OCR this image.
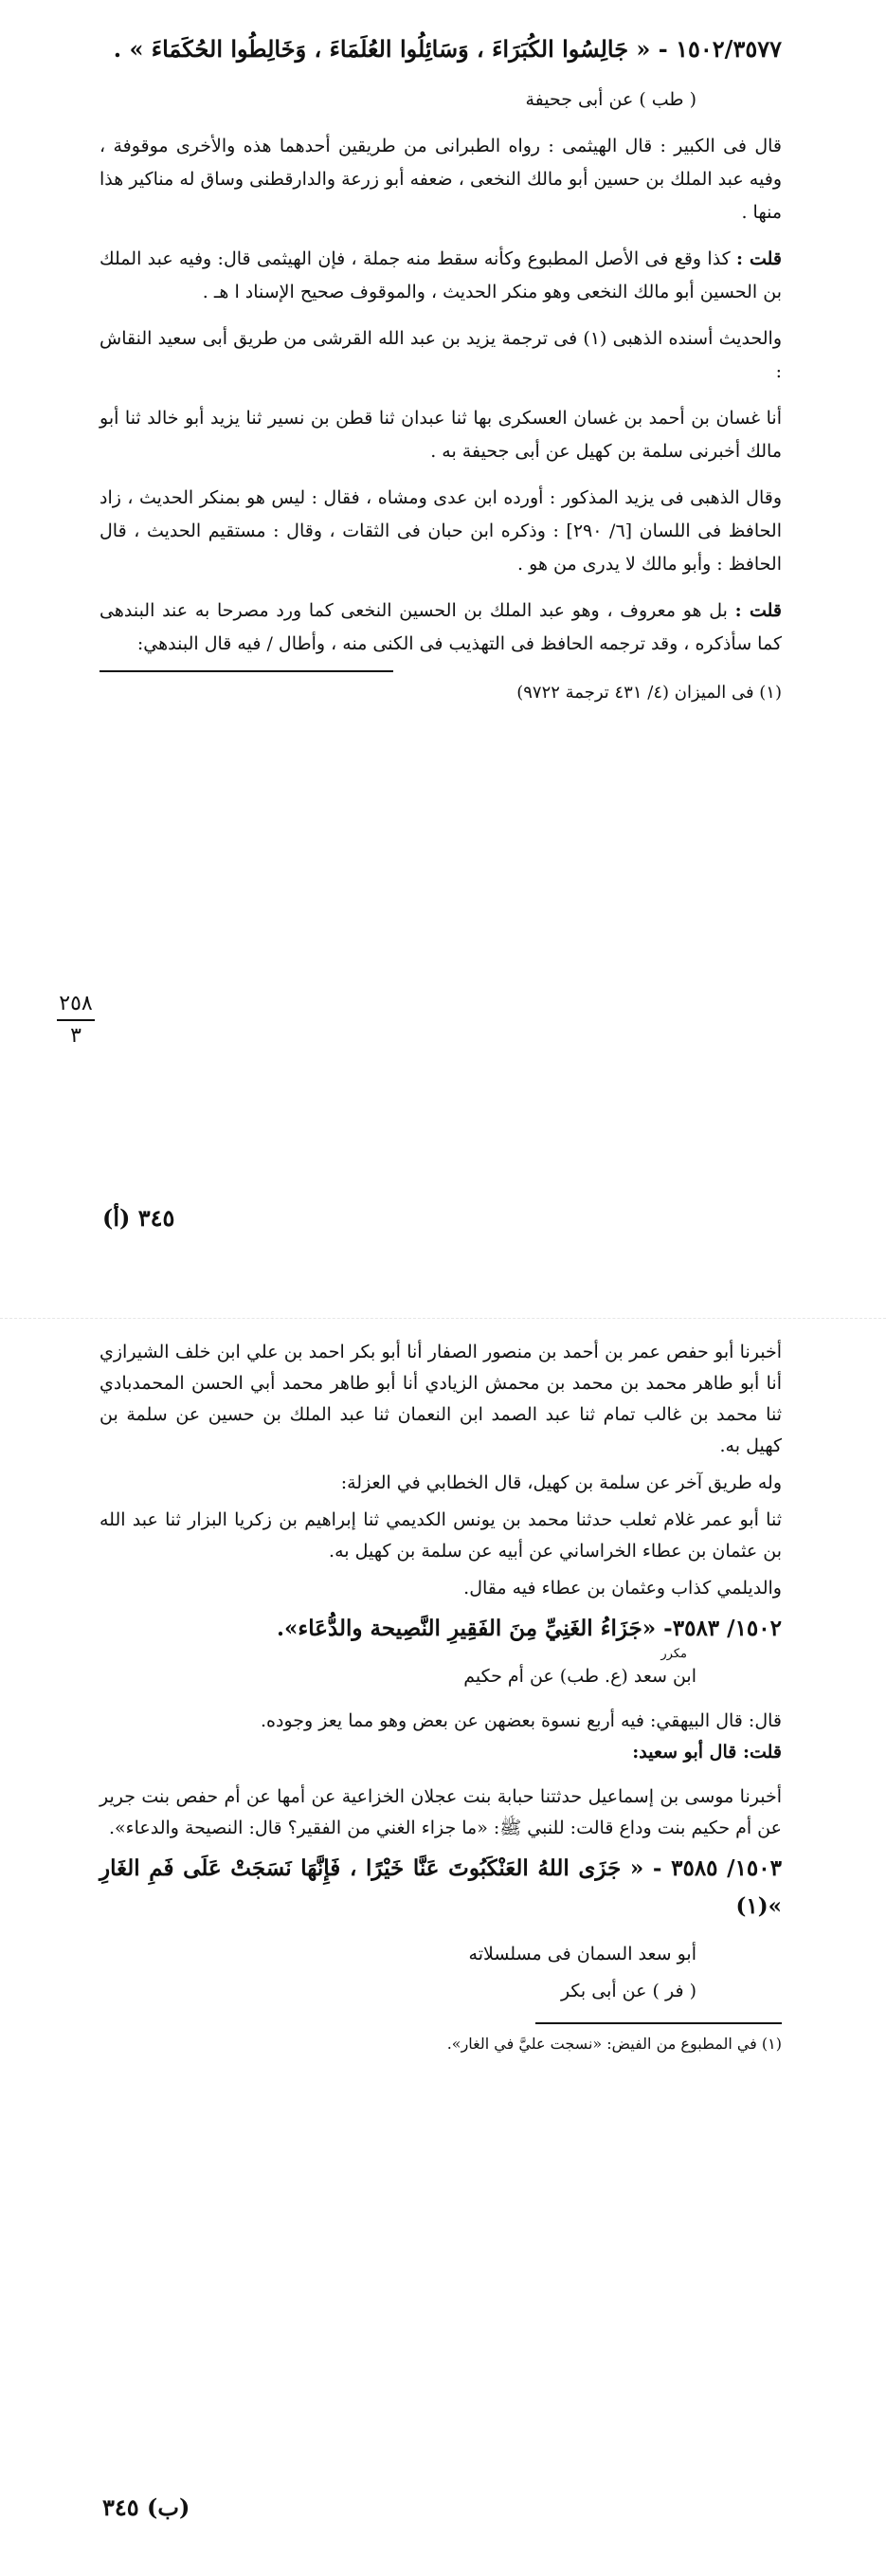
١٥٠٢/٣٥٧٧ - « جَالِسُوا الكُبَرَاءَ ، وَسَائِلُوا العُلَمَاءَ ، وَخَالِطُوا الحُكَمَاءَ » .

( طب ) عن أبى جحيفة

قال فى الكبير : قال الهيثمى : رواه الطبرانى من طريقين أحدهما هذه والأخرى موقوفة ، وفيه عبد الملك بن حسين أبو مالك النخعى ، ضعفه أبو زرعة والدارقطنى وساق له مناكير هذا منها .

قلت : كذا وقع فى الأصل المطبوع وكأنه سقط منه جملة ، فإن الهيثمى قال: وفيه عبد الملك بن الحسين أبو مالك النخعى وهو منكر الحديث ، والموقوف صحيح الإسناد ا هـ .

والحديث أسنده الذهبى (١) فى ترجمة يزيد بن عبد الله القرشى من طريق أبى سعيد النقاش :

أنا غسان بن أحمد بن غسان العسكرى بها ثنا عبدان ثنا قطن بن نسير ثنا يزيد أبو خالد ثنا أبو مالك أخبرنى سلمة بن كهيل عن أبى جحيفة به .

وقال الذهبى فى يزيد المذكور : أورده ابن عدى ومشاه ، فقال : ليس هو بمنكر الحديث ، زاد الحافظ فى اللسان [٦/ ٢٩٠] : وذكره ابن حبان فى الثقات ، وقال : مستقيم الحديث ، قال الحافظ : وأبو مالك لا يدرى من هو .

قلت : بل هو معروف ، وهو عبد الملك بن الحسين النخعى كما ورد مصرحا به عند البندهى كما سأذكره ، وقد ترجمه الحافظ فى التهذيب فى الكنى منه ، وأطال / فيه قال البندهي:

(١) فى الميزان (٤/ ٤٣١ ترجمة ٩٧٢٢)

٢٥٨
٣
٣٤٥ (أ)

أخبرنا أبو حفص عمر بن أحمد بن منصور الصفار أنا أبو بكر احمد بن علي ابن خلف الشيرازي أنا أبو طاهر محمد بن محمد بن محمش الزيادي أنا أبو طاهر محمد أبي الحسن المحمدبادي ثنا محمد بن غالب تمام ثنا عبد الصمد ابن النعمان ثنا عبد الملك بن حسين عن سلمة بن كهيل به.

وله طريق آخر عن سلمة بن كهيل، قال الخطابي في العزلة:

ثنا أبو عمر غلام ثعلب حدثنا محمد بن يونس الكديمي ثنا إبراهيم بن زكريا البزار ثنا عبد الله بن عثمان بن عطاء الخراساني عن أبيه عن سلمة بن كهيل به.

والديلمي كذاب وعثمان بن عطاء فيه مقال.

١٥٠٢/ ٣٥٨٣- «جَزَاءُ الغَنِيِّ مِنَ الفَقِيرِ النَّصِيحة والدُّعَاء».

مكرر

ابن سعد (ع. طب) عن أم حكيم

قال: قال البيهقي: فيه أربع نسوة بعضهن عن بعض وهو مما يعز وجوده.

قلت: قال أبو سعيد:

أخبرنا موسى بن إسماعيل حدثتنا حبابة بنت عجلان الخزاعية عن أمها عن أم حفص بنت جرير عن أم حكيم بنت وداع قالت: للنبي ﷺ: «ما جزاء الغني من الفقير؟ قال: النصيحة والدعاء».

١٥٠٣/ ٣٥٨٥ - « جَزَى اللهُ العَنْكَبُوتَ عَنَّا خَيْرًا ، فَإِنَّهَا نَسَجَتْ عَلَى فَمِ الغَارِ »(١)

أبو سعد السمان فى مسلسلاته

( فر ) عن أبى بكر

(١) في المطبوع من الفيض: «نسجت عليَّ في الغار».

(ب) ٣٤٥
